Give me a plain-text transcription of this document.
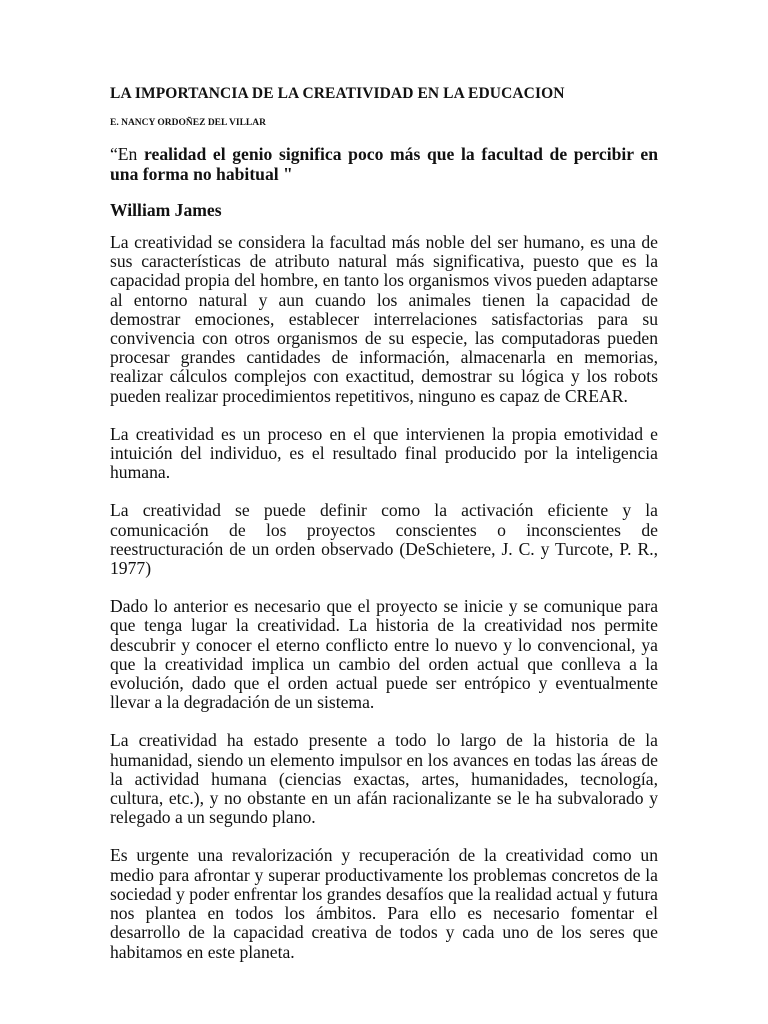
LA IMPORTANCIA DE LA CREATIVIDAD EN LA EDUCACION

E. NANCY ORDOÑEZ DEL VILLAR

“En realidad el genio significa poco más que la facultad de percibir en una forma no habitual "

William James

La creatividad se considera la facultad más noble del ser humano, es una de sus características de atributo natural más significativa, puesto que es la capacidad propia del hombre, en tanto los organismos vivos pueden adaptarse al entorno natural y aun cuando los animales tienen la capacidad de demostrar emociones, establecer interrelaciones satisfactorias para su convivencia con otros organismos de su especie, las computadoras pueden procesar grandes cantidades de información, almacenarla en memorias, realizar cálculos complejos con exactitud, demostrar su lógica y los robots pueden realizar procedimientos repetitivos, ninguno es capaz de CREAR.

La creatividad es un proceso en el que intervienen la propia emotividad e intuición del individuo, es el resultado final producido por la inteligencia humana.

La creatividad se puede definir como la activación eficiente y la comunicación de los proyectos conscientes o inconscientes de reestructuración de un orden observado (DeSchietere, J. C. y Turcote, P. R., 1977)

Dado lo anterior es necesario que el proyecto se inicie y se comunique para que tenga lugar la creatividad. La historia de la creatividad nos permite descubrir y conocer el eterno conflicto entre lo nuevo y lo convencional, ya que la creatividad implica un cambio del orden actual que conlleva a la evolución, dado que el orden actual puede ser entrópico y eventualmente llevar a la degradación de un sistema.

La creatividad ha estado presente a todo lo largo de la historia de la humanidad, siendo un elemento impulsor en los avances en todas las áreas de la actividad humana (ciencias exactas, artes, humanidades, tecnología, cultura, etc.), y no obstante en un afán racionalizante se le ha subvalorado y relegado a un segundo plano.

Es urgente una revalorización y recuperación de la creatividad como un medio para afrontar y superar productivamente los problemas concretos de la sociedad y poder enfrentar los grandes desafíos que la realidad actual y futura nos plantea en todos los ámbitos. Para ello es necesario fomentar el desarrollo de la capacidad creativa de todos y cada uno de los seres que habitamos en este planeta.
